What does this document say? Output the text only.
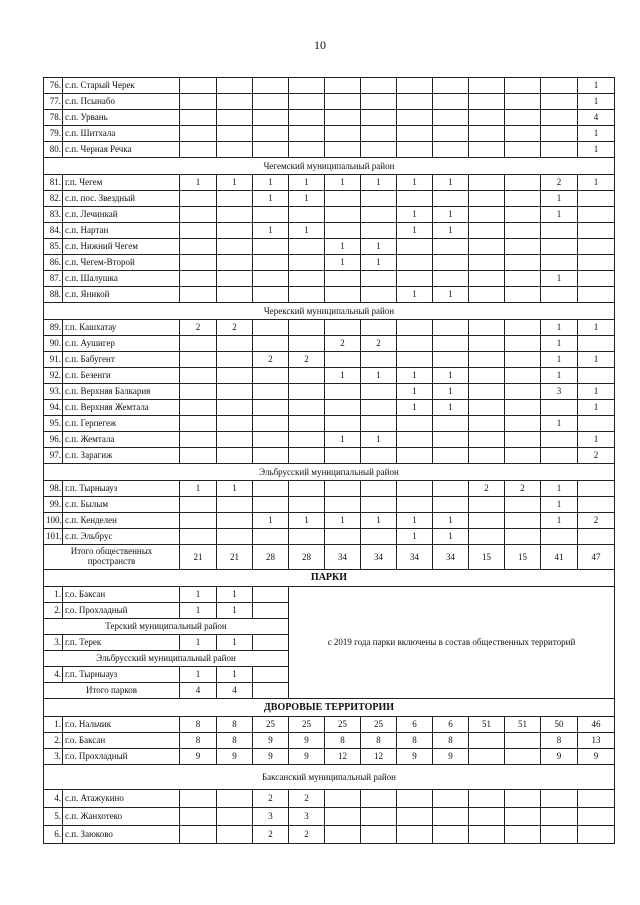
10
76.	с.п. Старый Черек												1
77.	с.п. Псынабо												1
78.	с.п. Урвань												4
79.	с.п. Шитхала												1
80.	с.п. Черная Речка												1
Чегемский муниципальный район													
81.	г.п. Чегем	1	1	1	1	1	1	1	1			2	1
82.	с.п. пос. Звездный			1	1							1	
83.	с.п. Лечинкай							1	1			1	
84.	с.п. Нартан			1	1			1	1				
85.	с.п. Нижний Чегем					1	1						
86.	с.п. Чегем-Второй					1	1						
87.	с.п. Шалушка											1	
88.	с.п. Яникой							1	1				
Черекский муниципальный район													
89.	г.п. Кашхатау	2	2									1	1
90.	с.п. Аушигер					2	2					1	
91.	с.п. Бабугент			2	2							1	1
92.	с.п. Безенги					1	1	1	1			1	
93.	с.п. Верхняя Балкария							1	1			3	1
94.	с.п. Верхняя Жемтала							1	1				1
95.	с.п. Герпегеж											1	
96.	с.п. Жемтала					1	1						1
97.	с.п. Зарагиж												2
Эльбрусский муниципальный район													
98.	г.п. Тырныауз	1	1							2	2	1	
99.	с.п. Былым											1	
100.	с.п. Кенделен			1	1	1	1	1	1			1	2
101.	с.п. Эльбрус							1	1				
Итого общественных пространств		21	21	28	28	34	34	34	34	15	15	41	47
ПАРКИ													
1.	г.о. Баксан	1	1		с 2019 года парки включены в состав общественных территорий								
2.	г.о. Прохладный	1	1										
Терский муниципальный район													
3.	г.п. Терек	1	1										
Эльбрусский муниципальный район													
4.	г.п. Тырныауз	1	1										
Итого парков		4	4										
ДВОРОВЫЕ ТЕРРИТОРИИ													
1.	г.о. Нальчик	8	8	25	25	25	25	6	6	51	51	50	46
2.	г.о. Баксан	8	8	9	9	8	8	8	8			8	13
3.	г.о. Прохладный	9	9	9	9	12	12	9	9			9	9
Баксанский муниципальный район													
4.	с.п. Атажукино			2	2								
5.	с.п. Жанхотеко			3	3								
6.	с.п. Заюково			2	2								
